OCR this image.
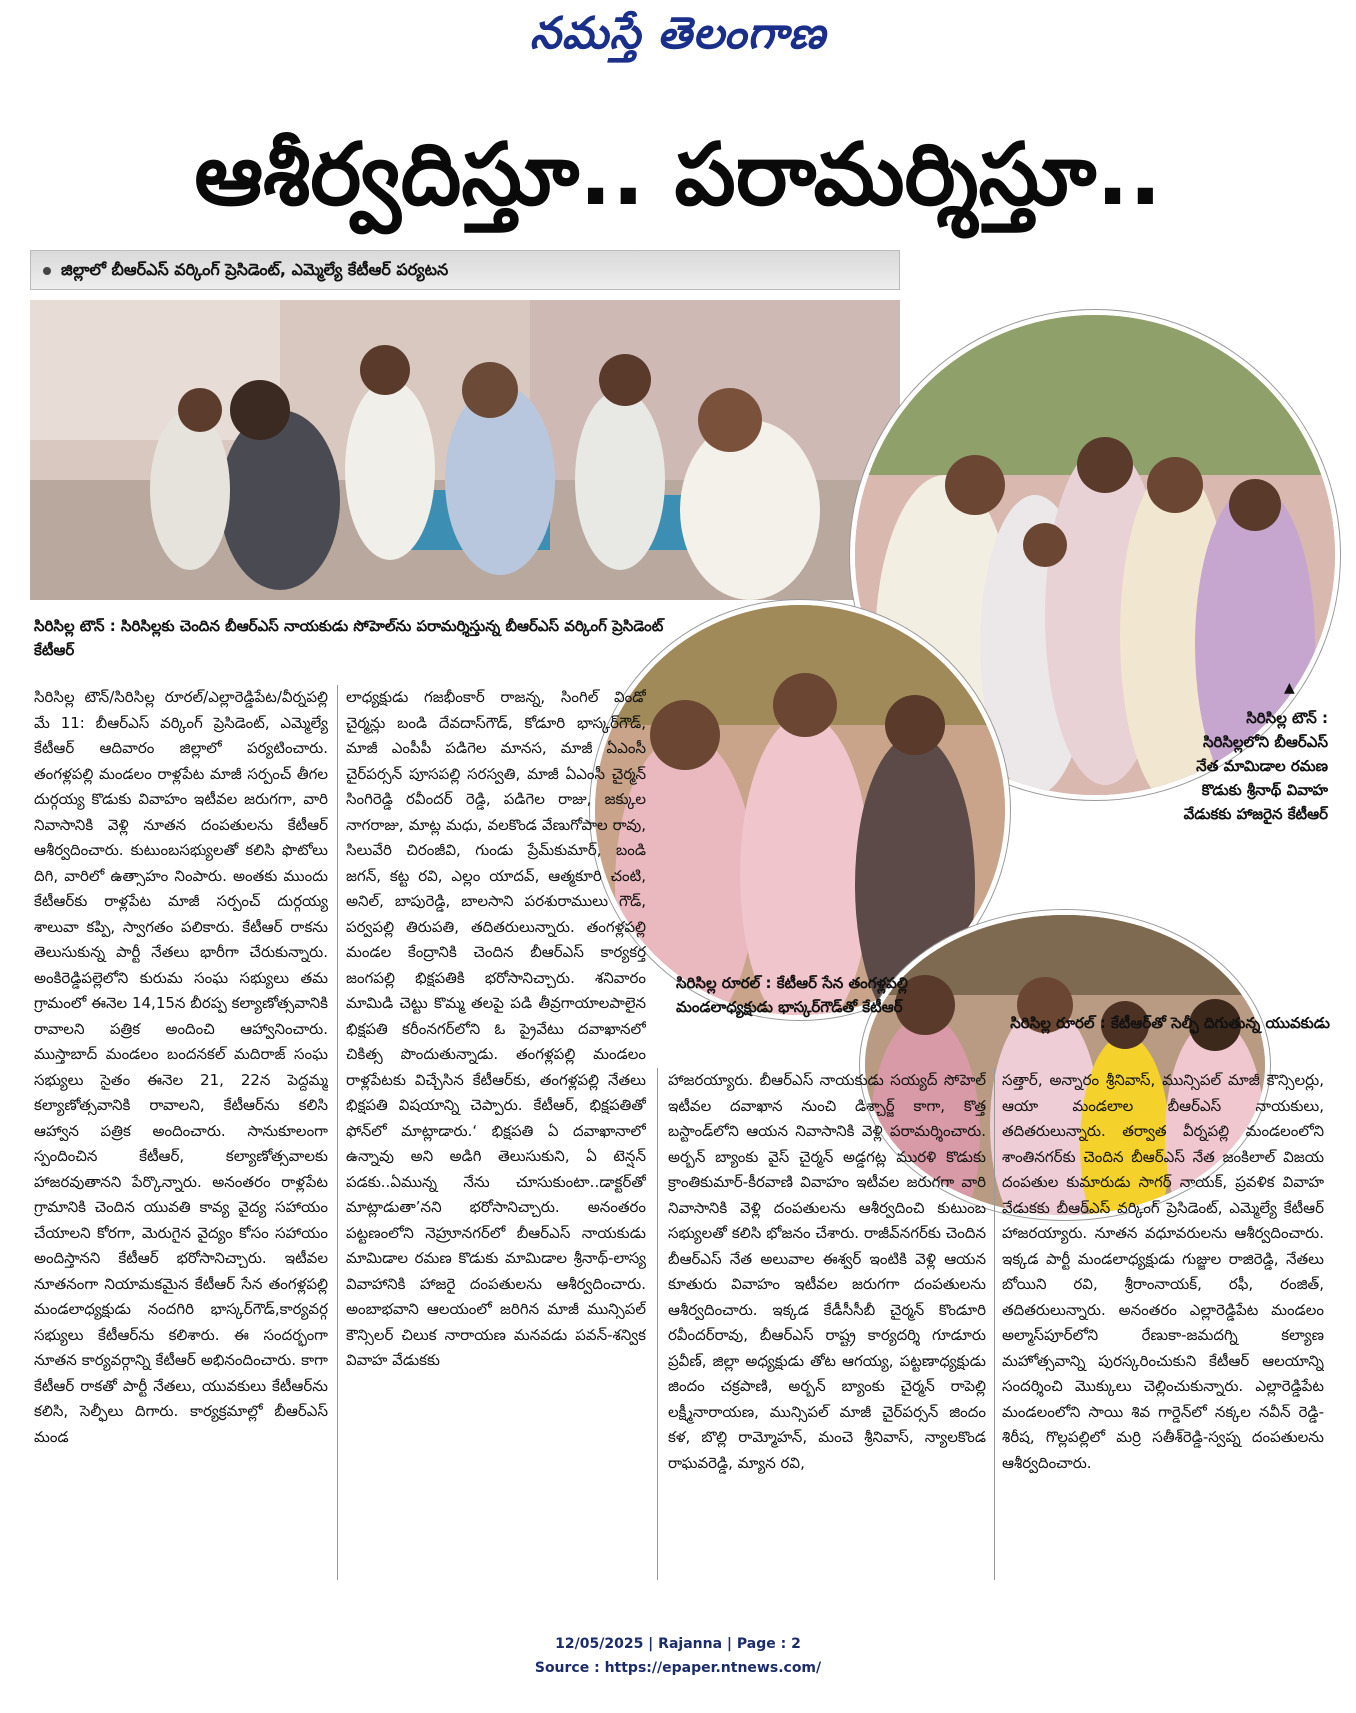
నమస్తే తెలంగాణ
ఆశీర్వదిస్తూ.. పరామర్శిస్తూ..
జిల్లాలో బీఆర్ఎస్ వర్కింగ్ ప్రెసిడెంట్, ఎమ్మెల్యే కేటీఆర్ పర్యటన
సిరిసిల్ల టౌన్ : సిరిసిల్లకు చెందిన బీఆర్ఎస్ నాయకుడు సోహెల్‌ను పరామర్శిస్తున్న బీఆర్ఎస్ వర్కింగ్ ప్రెసిడెంట్ కేటీఆర్
▲
సిరిసిల్ల టౌన్ : సిరిసిల్లలోని బీఆర్ఎస్ నేత మామిడాల రమణ కొడుకు శ్రీనాథ్ వివాహ వేడుకకు హాజరైన కేటీఆర్
సిరిసిల్ల రూరల్ : కేటీఆర్ సేన తంగళ్లపల్లి మండలాధ్యక్షుడు భాస్కర్‌గౌడ్‌తో కేటీఆర్
సిరిసిల్ల రూరల్ : కేటీఆర్‌తో సెల్ఫీ దిగుతున్న యువకుడు
సిరిసిల్ల టౌన్/సిరిసిల్ల రూరల్/ఎల్లారెడ్డిపేట/వీర్నపల్లి మే 11: బీఆర్ఎస్ వర్కింగ్ ప్రెసిడెంట్, ఎమ్మెల్యే కేటీఆర్ ఆదివారం జిల్లాలో పర్యటించారు. తంగళ్లపల్లి మండలం రాళ్లపేట మాజీ సర్పంచ్ తీగల దుర్గయ్య కొడుకు వివాహం ఇటీవల జరుగగా, వారి నివాసానికి వెళ్లి నూతన దంపతులను కేటీఆర్ ఆశీర్వదించారు. కుటుంబసభ్యులతో కలిసి ఫొటోలు దిగి, వారిలో ఉత్సాహం నింపారు. అంతకు ముందు కేటీఆర్‌కు రాళ్లపేట మాజీ సర్పంచ్ దుర్గయ్య శాలువా కప్పి, స్వాగతం పలికారు. కేటీఆర్ రాకను తెలుసుకున్న పార్టీ నేతలు భారీగా చేరుకున్నారు. అంకిరెడ్డిపల్లెలోని కురుమ సంఘ సభ్యులు తమ గ్రామంలో ఈనెల 14,15న బీరప్ప కల్యాణోత్సవానికి రావాలని పత్రిక అందించి ఆహ్వానించారు. ముస్తాబాద్ మండలం బందనకల్ మదిరాజ్ సంఘ సభ్యులు సైతం ఈనెల 21, 22న పెద్దమ్మ కల్యాణోత్సవానికి రావాలని, కేటీఆర్‌ను కలిసి ఆహ్వాన పత్రిక అందించారు. సానుకూలంగా స్పందించిన కేటీఆర్, కల్యాణోత్సవాలకు హాజరవుతానని పేర్కొన్నారు. అనంతరం రాళ్లపేట గ్రామానికి చెందిన యువతి కావ్య వైద్య సహాయం చేయాలని కోరగా, మెరుగైన వైద్యం కోసం సహాయం అందిస్తానని కేటీఆర్ భరోసానిచ్చారు. ఇటీవల నూతనంగా నియామకమైన కేటీఆర్ సేన తంగళ్లపల్లి మండలాధ్యక్షుడు నందగిరి భాస్కర్‌గౌడ్,కార్యవర్గ సభ్యులు కేటీఆర్‌ను కలిశారు. ఈ సందర్భంగా నూతన కార్యవర్గాన్ని కేటీఆర్ అభినందించారు. కాగా కేటీఆర్ రాకతో పార్టీ నేతలు, యువకులు కేటీఆర్‌ను కలిసి, సెల్ఫీలు దిగారు. కార్యక్రమాల్లో బీఆర్ఎస్ మండ
లాధ్యక్షుడు గజభీంకార్ రాజన్న, సింగిల్ విండో చైర్మన్లు బండి దేవదాస్‌గౌడ్, కోడూరి భాస్కర్‌గౌడ్, మాజీ ఎంపీపీ పడిగెల మానస, మాజీ ఏఎంసీ చైర్‌పర్సన్ పూసపల్లి సరస్వతి, మాజీ ఏఎంసీ చైర్మన్ సింగిరెడ్డి రవీందర్ రెడ్డి, పడిగెల రాజు, జక్కుల నాగరాజు, మాట్ల మధు, వలకొండ వేణుగోపాల రావు, సిలువేరి చిరంజీవి, గుండు ప్రేమ్‌కుమార్, బండి జగన్, కట్ట రవి, ఎల్లం యాదవ్, ఆత్మకూరి చంటి, అనిల్, బాపురెడ్డి, బాలసాని పరశురాములు గౌడ్, పర్వపల్లి తిరుపతి, తదితరులున్నారు. తంగళ్లపల్లి మండల కేంద్రానికి చెందిన బీఆర్ఎస్ కార్యకర్త జంగపల్లి భిక్షపతికి భరోసానిచ్చారు. శనివారం మామిడి చెట్టు కొమ్మ తలపై పడి తీవ్రగాయాలపాలైన భిక్షపతి కరీంనగర్‌లోని ఓ ప్రైవేటు దవాఖానలో చికిత్స పొందుతున్నాడు. తంగళ్లపల్లి మండలం రాళ్లపేటకు విచ్చేసిన కేటీఆర్‌కు, తంగళ్లపల్లి నేతలు భిక్షపతి విషయాన్ని చెప్పారు. కేటీఆర్, భిక్షపతితో ఫోన్‌లో మాట్లాడారు.‘ భిక్షపతి ఏ దవాఖానాలో ఉన్నావు అని అడిగి తెలుసుకుని, ఏ టెన్షన్ పడకు..ఏమున్న నేను చూసుకుంటా..డాక్టర్‌తో మాట్లాడుతా’నని భరోసానిచ్చారు. అనంతరం పట్టణంలోని నెహ్రూనగర్‌లో బీఆర్ఎస్ నాయకుడు మామిడాల రమణ కొడుకు మామిడాల శ్రీనాథ్-లాస్య వివాహానికి హాజరై దంపతులను ఆశీర్వదించారు. అంబాభవాని ఆలయంలో జరిగిన మాజీ మున్సిపల్ కౌన్సిలర్ చిలుక నారాయణ మనవడు పవన్-శన్విక వివాహ వేడుకకు
హాజరయ్యారు. బీఆర్ఎస్ నాయకుడు సయ్యద్ సోహెల్ ఇటీవల దవాఖాన నుంచి డిశ్చార్జ్ కాగా, కొత్త బస్టాండ్‌లోని ఆయన నివాసానికి వెళ్లి పరామర్శించారు. అర్బన్ బ్యాంకు వైస్ చైర్మన్ అడ్డగట్ల మురళి కొడుకు క్రాంతికుమార్-కీరవాణి వివాహం ఇటీవల జరుగగా వారి నివాసానికి వెళ్లి దంపతులను ఆశీర్వదించి కుటుంబ సభ్యులతో కలిసి భోజనం చేశారు. రాజీవ్‌నగర్‌కు చెందిన బీఆర్ఎస్ నేత అలువాల ఈశ్వర్ ఇంటికి వెళ్లి ఆయన కూతురు వివాహం ఇటీవల జరుగగా దంపతులను ఆశీర్వదించారు. ఇక్కడ కేడీసీసీబీ చైర్మన్ కొండూరి రవీందర్‌రావు, బీఆర్ఎస్ రాష్ట్ర కార్యదర్శి గూడూరు ప్రవీణ్, జిల్లా అధ్యక్షుడు తోట ఆగయ్య, పట్టణాధ్యక్షుడు జిందం చక్రపాణి, అర్బన్ బ్యాంకు చైర్మన్ రాపెల్లి లక్ష్మీనారాయణ, మున్సిపల్ మాజీ చైర్‌పర్సన్ జిందం కళ, బొల్లి రామ్మోహన్, మంచె శ్రీనివాస్, న్యాలకొండ రాఘవరెడ్డి, మ్యాన రవి,
సత్తార్, అన్నారం శ్రీనివాస్, మున్సిపల్ మాజీ కౌన్సిలర్లు, ఆయా మండలాల బీఆర్ఎస్ నాయకులు, తదితరులున్నారు. తర్వాత వీర్నపల్లి మండలంలోని శాంతినగర్‌కు చెందిన బీఆర్ఎస్ నేత జంకిలాల్ విజయ దంపతుల కుమారుడు సాగర్ నాయక్, ప్రవళిక వివాహ వేడుకకు బీఆర్ఎస్ వర్కింగ్ ప్రెసిడెంట్, ఎమ్మెల్యే కేటీఆర్ హాజరయ్యారు. నూతన వధూవరులను ఆశీర్వదించారు. ఇక్కడ పార్టీ మండలాధ్యక్షుడు గుజ్జుల రాజిరెడ్డి, నేతలు బోయిని రవి, శ్రీరాంనాయక్, రఫీ, రంజిత్, తదితరులున్నారు. అనంతరం ఎల్లారెడ్డిపేట మండలం అల్మాస్‌పూర్‌లోని రేణుకా-జమదగ్ని కల్యాణ మహోత్సవాన్ని పురస్కరించుకుని కేటీఆర్ ఆలయాన్ని సందర్శించి మొక్కులు చెల్లించుకున్నారు. ఎల్లారెడ్డిపేట మండలంలోని సాయి శివ గార్డెన్‌లో నక్కల నవీన్ రెడ్డి-శిరీష, గొల్లపల్లిలో మర్రి సతీశ్‌రెడ్డి-స్వప్న దంపతులను ఆశీర్వదించారు.
12/05/2025 | Rajanna | Page : 2
Source : https://epaper.ntnews.com/
